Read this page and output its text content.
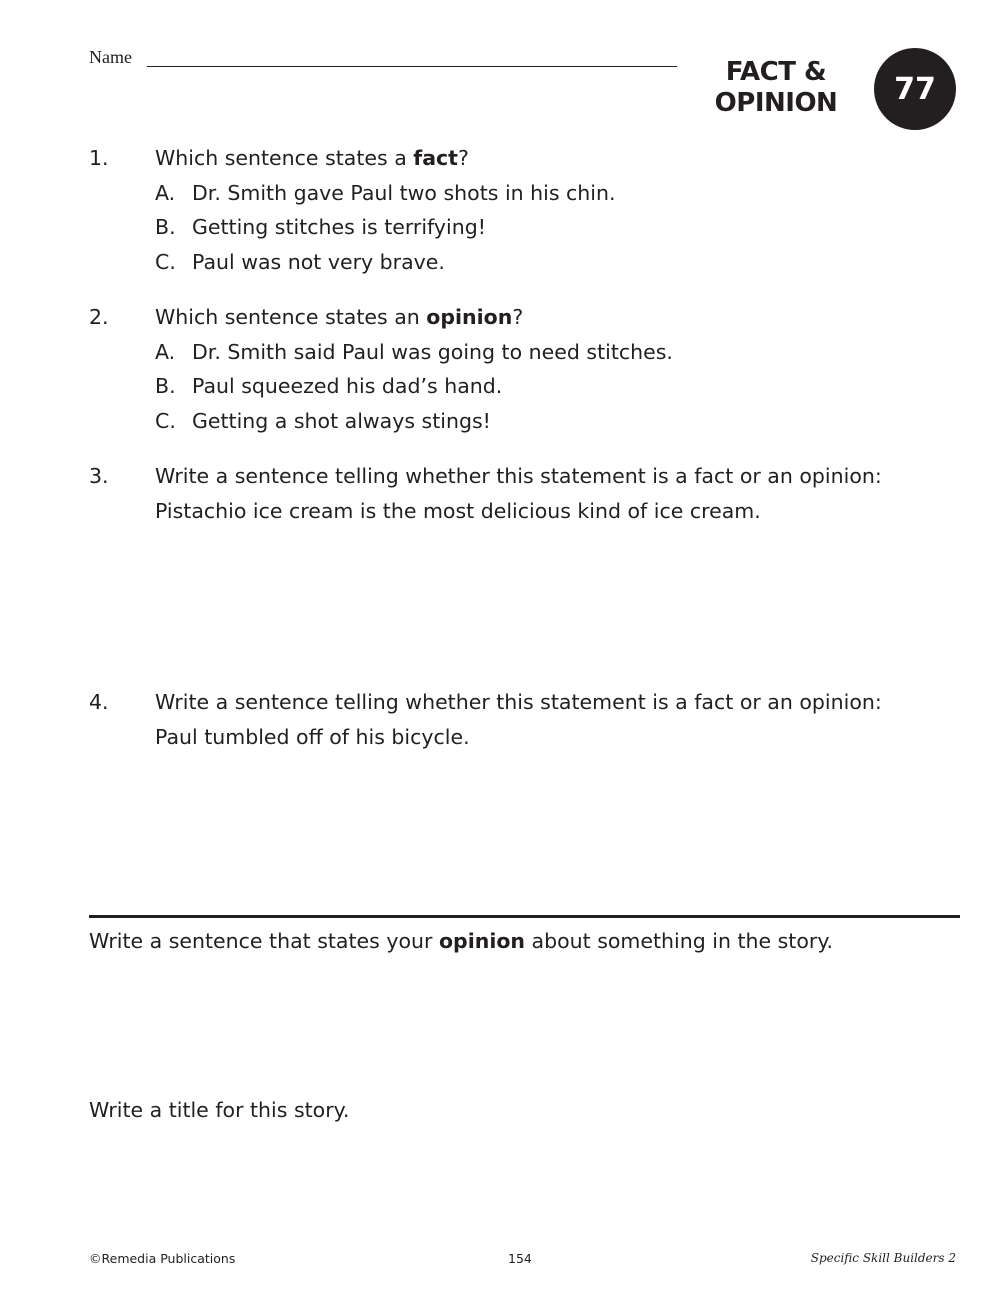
Name	FACT &
OPINION	77
1. Which sentence states a fact?
A. Dr. Smith gave Paul two shots in his chin.
B. Getting stitches is terrifying!
C. Paul was not very brave.
2. Which sentence states an opinion?
A. Dr. Smith said Paul was going to need stitches.
B. Paul squeezed his dad’s hand.
C. Getting a shot always stings!
3. Write a sentence telling whether this statement is a fact or an opinion:
Pistachio ice cream is the most delicious kind of ice cream.
4. Write a sentence telling whether this statement is a fact or an opinion:
Paul tumbled off of his bicycle.
Write a sentence that states your opinion about something in the story.
Write a title for this story.
©Remedia Publications	154	Specific Skill Builders 2
